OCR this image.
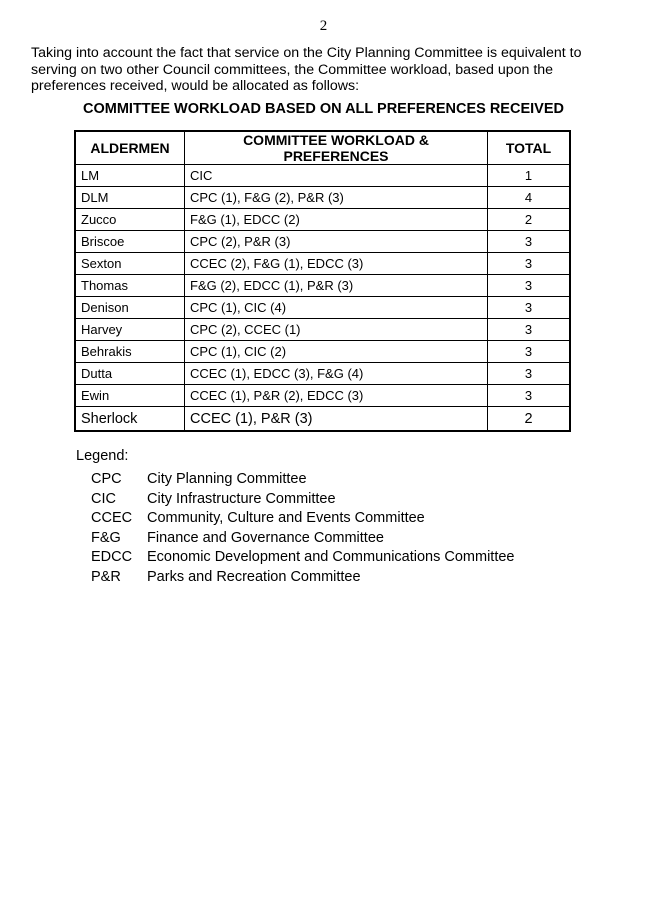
2

Taking into account the fact that service on the City Planning Committee is equivalent to
serving on two other Council committees, the Committee workload, based upon the
preferences received, would be allocated as follows:

COMMITTEE WORKLOAD BASED ON ALL PREFERENCES RECEIVED
ALDERMEN	COMMITTEE WORKLOAD & PREFERENCES	TOTAL
LM	CIC	1
DLM	CPC (1), F&G (2), P&R (3)	4
Zucco	F&G (1), EDCC (2)	2
Briscoe	CPC (2), P&R (3)	3
Sexton	CCEC (2), F&G (1), EDCC (3)	3
Thomas	F&G (2), EDCC (1), P&R (3)	3
Denison	CPC (1), CIC (4)	3
Harvey	CPC (2), CCEC (1)	3
Behrakis	CPC (1), CIC (2)	3
Dutta	CCEC (1), EDCC (3), F&G (4)	3
Ewin	CCEC (1), P&R (2), EDCC (3)	3
Sherlock	CCEC (1), P&R (3)	2
Legend:
CPC	City Planning Committee
CIC	City Infrastructure Committee
CCEC	Community, Culture and Events Committee
F&G	Finance and Governance Committee
EDCC	Economic Development and Communications Committee
P&R	Parks and Recreation Committee
